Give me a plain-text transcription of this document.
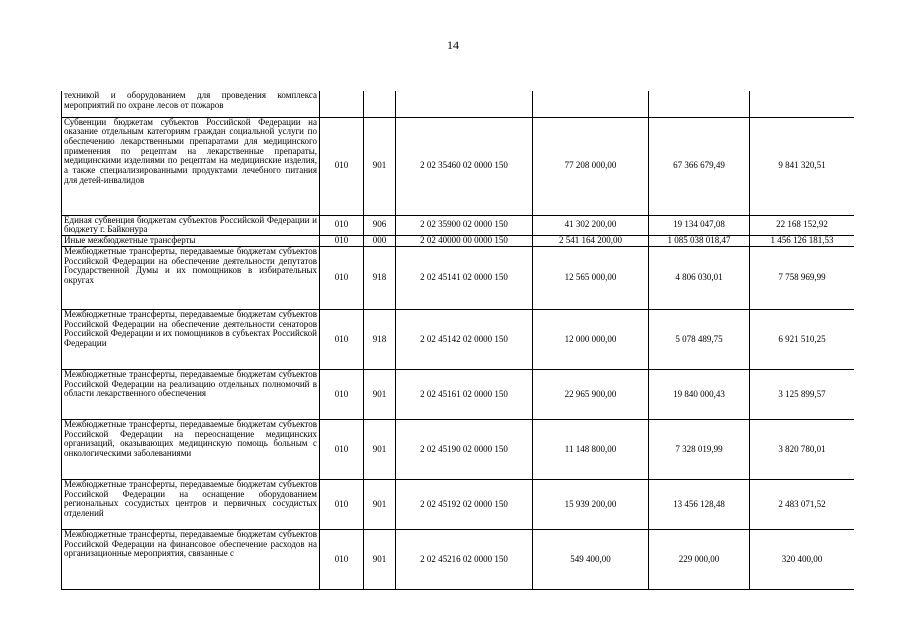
14
техникой и оборудованием для проведения комплекса мероприятий по охране лесов от пожаров						
Субвенции бюджетам субъектов Российской Федерации на оказание отдельным категориям граждан социальной услуги по обеспечению лекарственными препаратами для медицинского применения по рецептам на лекарственные препараты, медицинскими изделиями по рецептам на медицинские изделия, а также специализированными продуктами лечебного питания для детей-инвалидов	010	901	2 02 35460 02 0000 150	77 208 000,00	67 366 679,49	9 841 320,51
Единая субвенция бюджетам субъектов Российской Федерации и бюджету г. Байконура	010	906	2 02 35900 02 0000 150	41 302 200,00	19 134 047,08	22 168 152,92
Иные межбюджетные трансферты	010	000	2 02 40000 00 0000 150	2 541 164 200,00	1 085 038 018,47	1 456 126 181,53
Межбюджетные трансферты, передаваемые бюджетам субъектов Российской Федерации на обеспечение деятельности депутатов Государственной Думы и их помощников в избирательных округах	010	918	2 02 45141 02 0000 150	12 565 000,00	4 806 030,01	7 758 969,99
Межбюджетные трансферты, передаваемые бюджетам субъектов Российской Федерации на обеспечение деятельности сенаторов Российской Федерации и их помощников в субъектах Российской Федерации	010	918	2 02 45142 02 0000 150	12 000 000,00	5 078 489,75	6 921 510,25
Межбюджетные трансферты, передаваемые бюджетам субъектов Российской Федерации на реализацию отдельных полномочий в области лекарственного обеспечения	010	901	2 02 45161 02 0000 150	22 965 900,00	19 840 000,43	3 125 899,57
Межбюджетные трансферты, передаваемые бюджетам субъектов Российской Федерации на переоснащение медицинских организаций, оказывающих медицинскую помощь больным с онкологическими заболеваниями	010	901	2 02 45190 02 0000 150	11 148 800,00	7 328 019,99	3 820 780,01
Межбюджетные трансферты, передаваемые бюджетам субъектов Российской Федерации на оснащение оборудованием региональных сосудистых центров и первичных сосудистых отделений	010	901	2 02 45192 02 0000 150	15 939 200,00	13 456 128,48	2 483 071,52
Межбюджетные трансферты, передаваемые бюджетам субъектов Российской Федерации на финансовое обеспечение расходов на организационные мероприятия, связанные с	010	901	2 02 45216 02 0000 150	549 400,00	229 000,00	320 400,00
